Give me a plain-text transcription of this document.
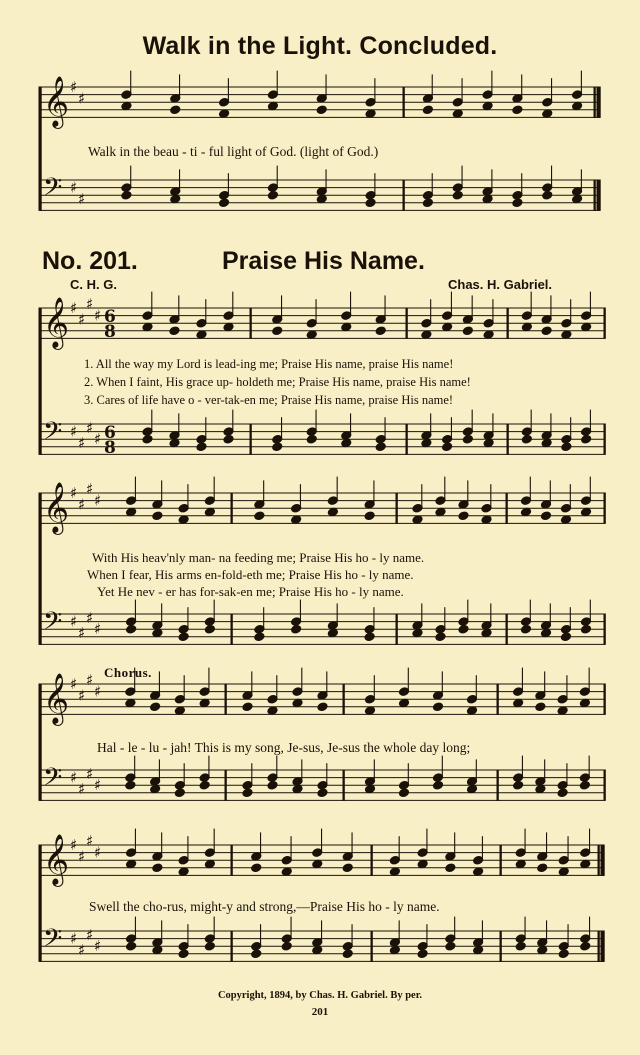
𝄞
𝄢
♯
♯
♯
♯
𝄞
𝄢
♯
♯
♯
♯
♯
♯
♯
♯
6
8
6
8
𝄞
𝄢
♯
♯
♯
♯
♯
♯
♯
♯
𝄞
𝄢
♯
♯
♯
♯
♯
♯
♯
♯
𝄞
𝄢
♯
♯
♯
♯
♯
♯
♯
♯
Walk in the Light. Concluded.
No. 201.	Praise His Name.
C. H. G.	Chas. H. Gabriel.
Walk in the beau - ti - ful light of God. (light of God.)
1. All the way my Lord is lead-ing me; Praise His name, praise His name!
2. When I faint, His grace up- holdeth me; Praise His name, praise His name!
3. Cares of life have o - ver-tak-en me; Praise His name, praise His name!
With His heav'nly man- na feeding me; Praise His ho - ly name.
When I fear, His arms en-fold-eth me; Praise His ho - ly name.
Yet He nev - er has for-sak-en me; Praise His ho - ly name.
Chorus.
Hal - le - lu - jah! This is my song, Je-sus, Je-sus the whole day long;
Swell the cho-rus, might-y and strong,—Praise His ho - ly name.
Copyright, 1894, by Chas. H. Gabriel. By per.
201
